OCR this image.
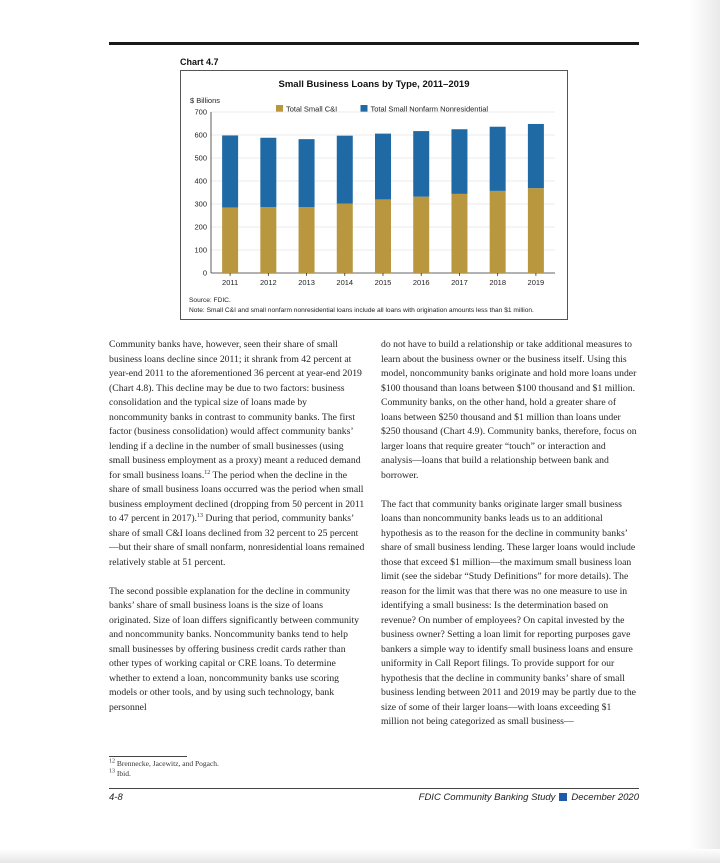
Chart 4.7
Small Business Loans by Type, 2011–2019
$ Billions
Total Small C&I	Total Small Nonfarm Nonresidential
0
100
200
300
400
500
600
700
2011	2012	2013	2014	2015	2016	2017	2018	2019
Source: FDIC.
Note: Small C&I and small nonfarm nonresidential loans include all loans with origination amounts less than $1 million.

Community banks have, however, seen their share of small business loans decline since 2011; it shrank from 42 percent at year-end 2011 to the aforementioned 36 percent at year-end 2019 (Chart 4.8). This decline may be due to two factors: business consolidation and the typical size of loans made by noncommunity banks in contrast to community banks. The first factor (business consolidation) would affect community banks’ lending if a decline in the number of small businesses (using small business employment as a proxy) meant a reduced demand for small business loans.$^{12}$ The period when the decline in the share of small business loans occurred was the period when small business employment declined (dropping from 50 percent in 2011 to 47 percent in 2017).$^{13}$ During that period, community banks’ share of small C&I loans declined from 32 percent to 25 percent—but their share of small nonfarm, nonresidential loans remained relatively stable at 51 percent.

The second possible explanation for the decline in community banks’ share of small business loans is the size of loans originated. Size of loan differs significantly between community and noncommunity banks. Noncommunity banks tend to help small businesses by offering business credit cards rather than other types of working capital or CRE loans. To determine whether to extend a loan, noncommunity banks use scoring models or other tools, and by using such technology, bank personnel

do not have to build a relationship or take additional measures to learn about the business owner or the business itself. Using this model, noncommunity banks originate and hold more loans under $100 thousand than loans between $100 thousand and $1 million. Community banks, on the other hand, hold a greater share of loans between $250 thousand and $1 million than loans under $250 thousand (Chart 4.9). Community banks, therefore, focus on larger loans that require greater “touch” or interaction and analysis—loans that build a relationship between bank and borrower.

The fact that community banks originate larger small business loans than noncommunity banks leads us to an additional hypothesis as to the reason for the decline in community banks’ share of small business lending. These larger loans would include those that exceed $1 million—the maximum small business loan limit (see the sidebar “Study Definitions” for more details). The reason for the limit was that there was no one measure to use in identifying a small business: Is the determination based on revenue? On number of employees? On capital invested by the business owner? Setting a loan limit for reporting purposes gave bankers a simple way to identify small business loans and ensure uniformity in Call Report filings. To provide support for our hypothesis that the decline in community banks’ share of small business lending between 2011 and 2019 may be partly due to the size of some of their larger loans—with loans exceeding $1 million not being categorized as small business—

$^{12}$ Brennecke, Jacewitz, and Pogach.
$^{13}$ Ibid.
4-8	FDIC Community Banking Study December 2020
